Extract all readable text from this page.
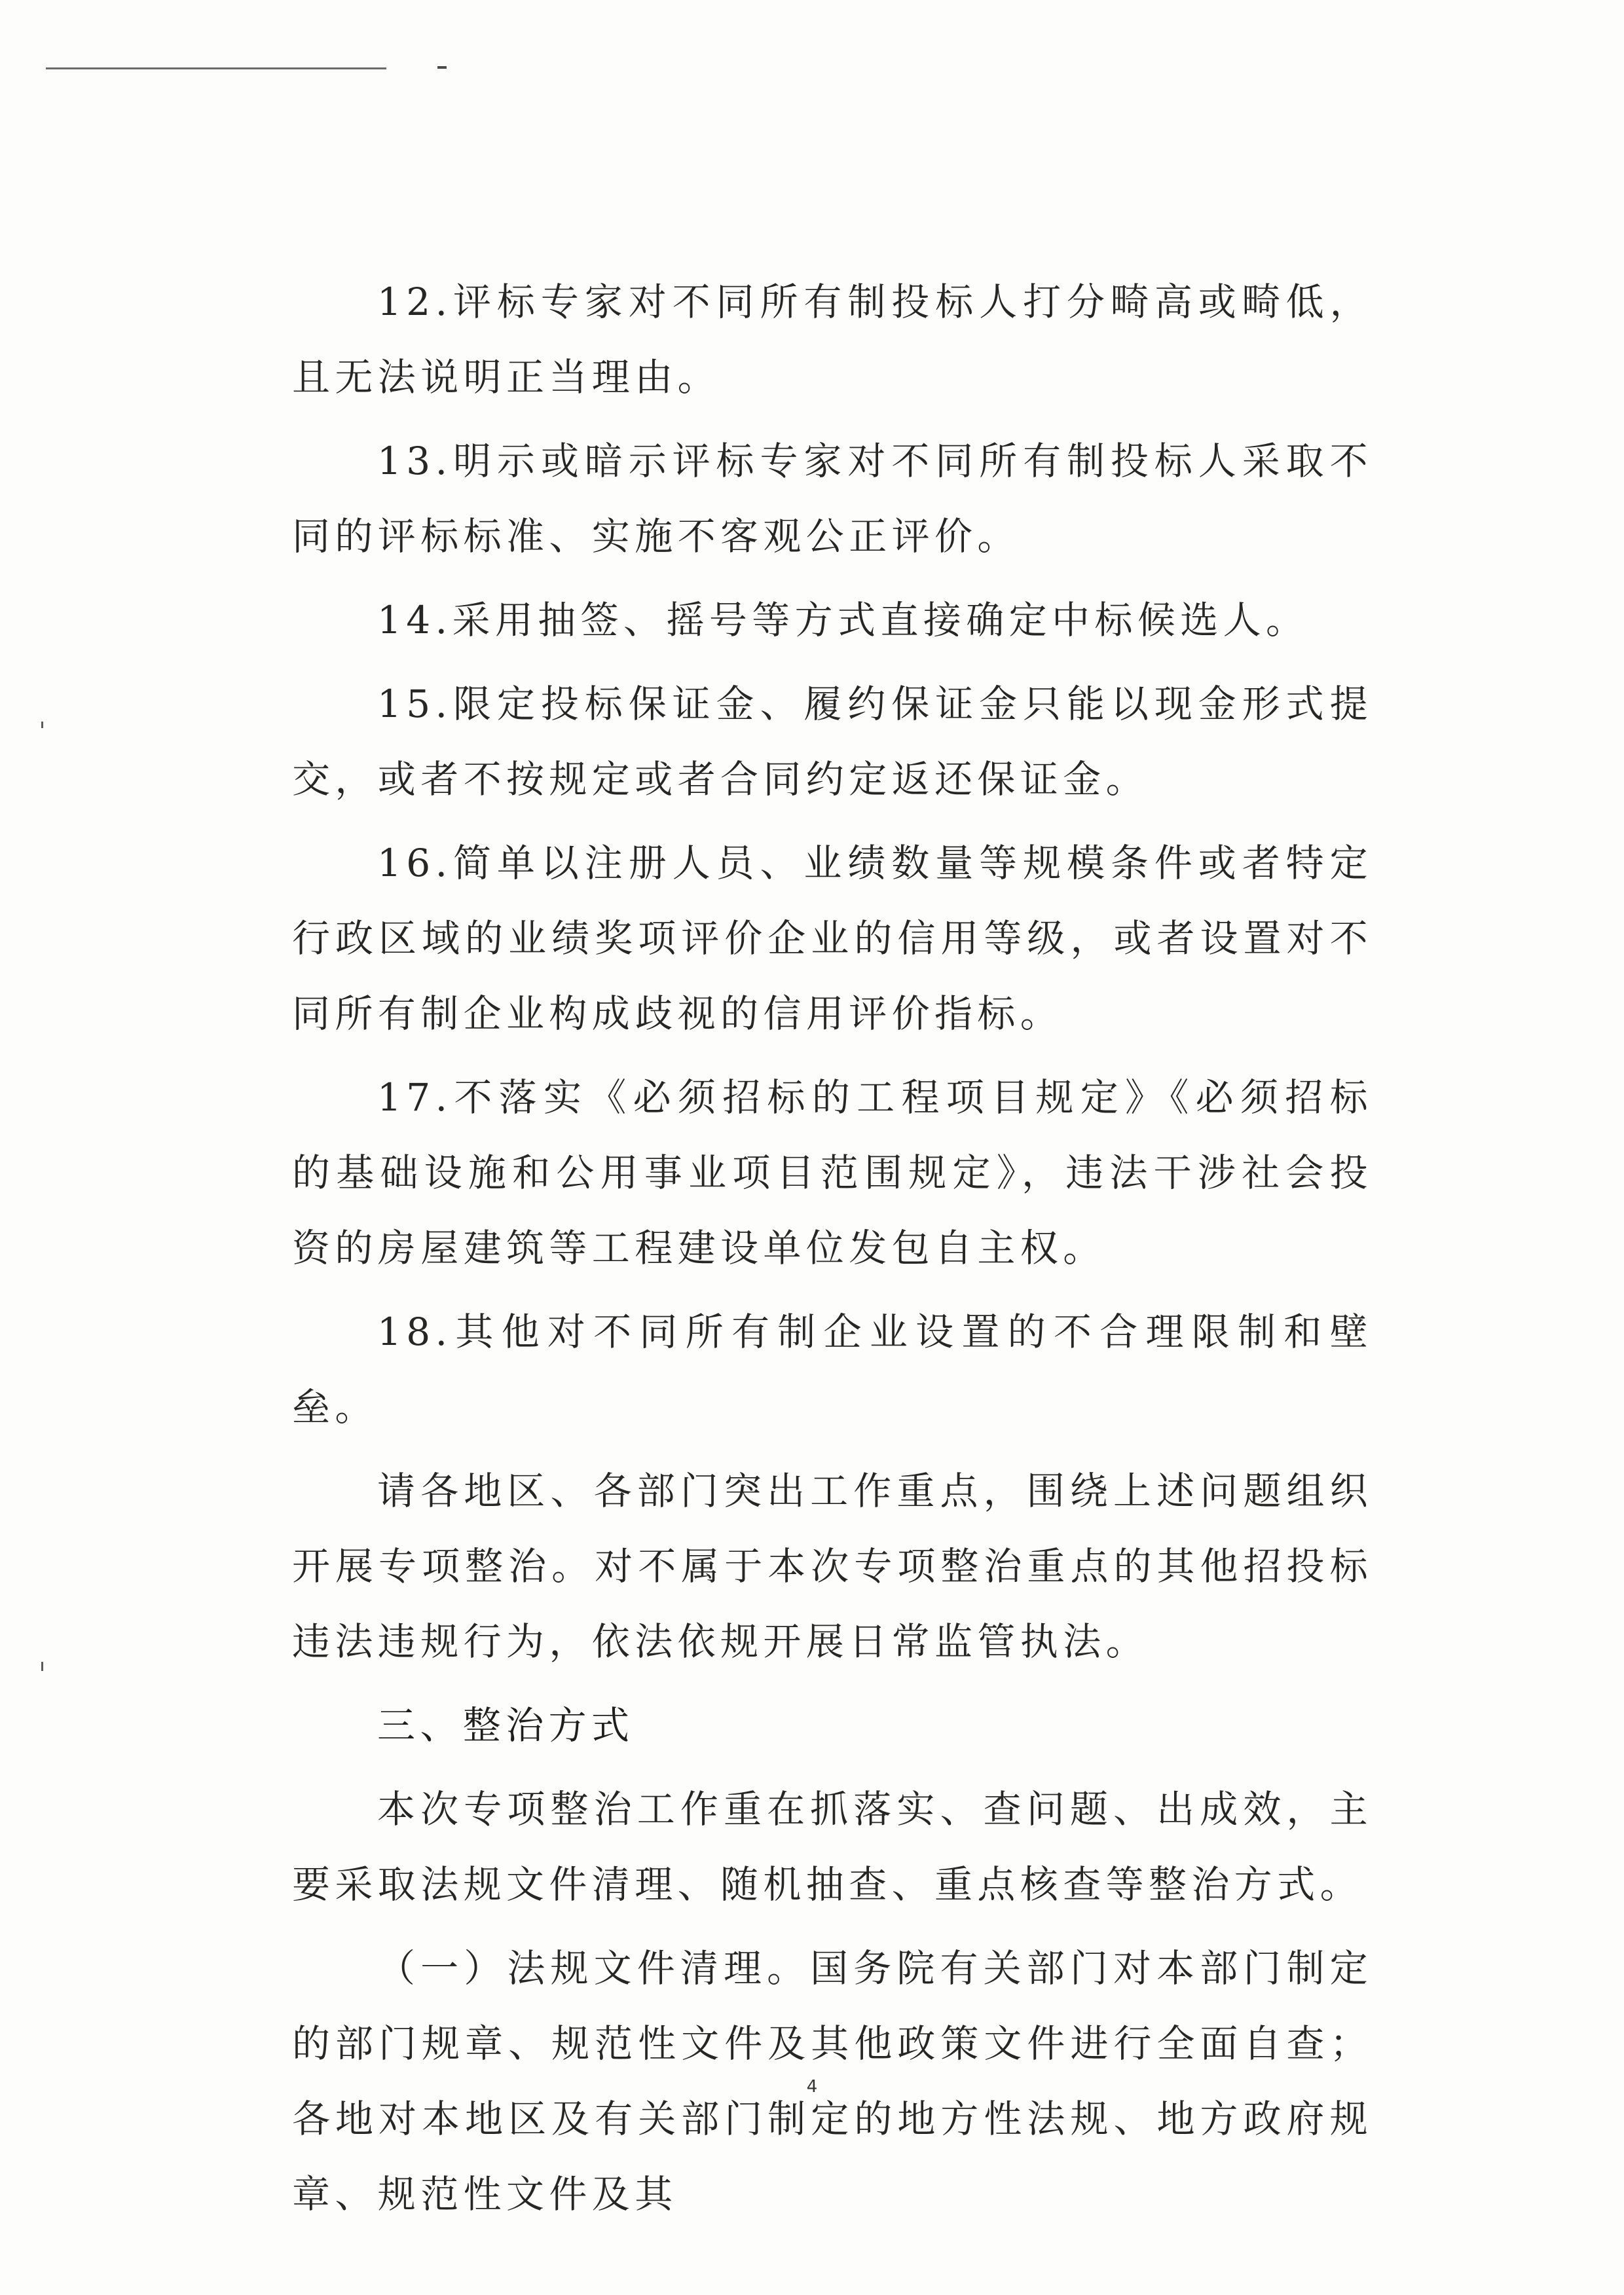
12.评标专家对不同所有制投标人打分畸高或畸低，且无法说明正当理由。

13.明示或暗示评标专家对不同所有制投标人采取不同的评标标准、实施不客观公正评价。

14.采用抽签、摇号等方式直接确定中标候选人。

15.限定投标保证金、履约保证金只能以现金形式提交，或者不按规定或者合同约定返还保证金。

16.简单以注册人员、业绩数量等规模条件或者特定行政区域的业绩奖项评价企业的信用等级，或者设置对不同所有制企业构成歧视的信用评价指标。

17.不落实《必须招标的工程项目规定》《必须招标的基础设施和公用事业项目范围规定》，违法干涉社会投资的房屋建筑等工程建设单位发包自主权。

18.其他对不同所有制企业设置的不合理限制和壁垒。

请各地区、各部门突出工作重点，围绕上述问题组织开展专项整治。对不属于本次专项整治重点的其他招投标违法违规行为，依法依规开展日常监管执法。

三、整治方式

本次专项整治工作重在抓落实、查问题、出成效，主要采取法规文件清理、随机抽查、重点核查等整治方式。

（一）法规文件清理。国务院有关部门对本部门制定的部门规章、规范性文件及其他政策文件进行全面自查；各地对本地区及有关部门制定的地方性法规、地方政府规章、规范性文件及其

4
